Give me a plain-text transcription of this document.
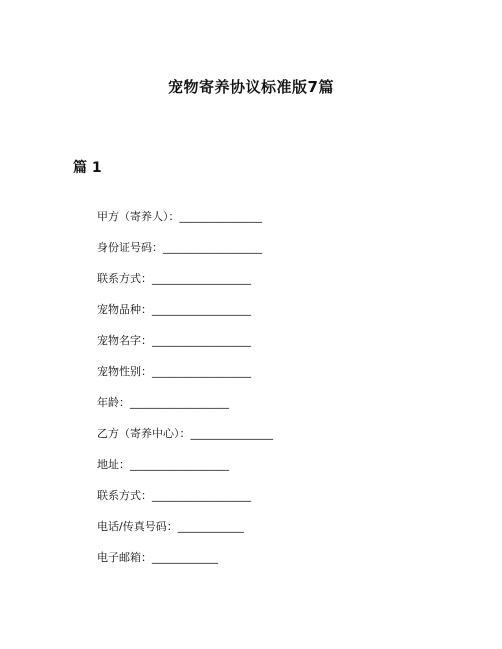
宠物寄养协议标准版7篇
篇 1
甲方（寄养人）：_______________
身份证号码：__________________
联系方式：__________________
宠物品种：__________________
宠物名字：__________________
宠物性别：__________________
年龄：__________________
乙方（寄养中心）：_______________
地址：__________________
联系方式：__________________
电话/传真号码：____________
电子邮箱：____________
